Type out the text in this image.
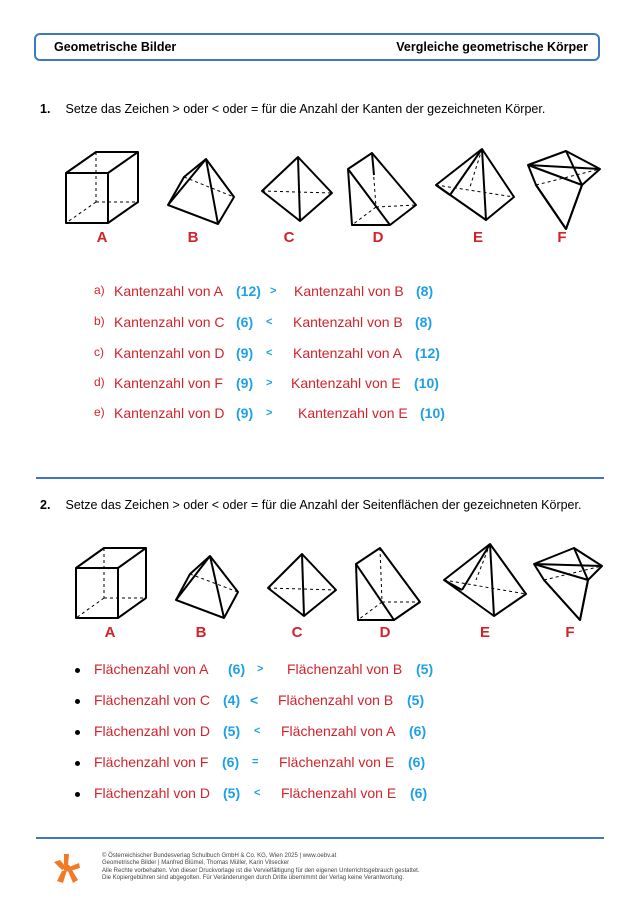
Geometrische Bilder	Vergleiche geometrische Körper
1. Setze das Zeichen > oder < oder = für die Anzahl der Kanten der gezeichneten Körper.
A	B	C	D	E	F
a) Kantenzahl von A (12) > Kantenzahl von B (8)
b) Kantenzahl von C (6) < Kantenzahl von B (8)
c) Kantenzahl von D (9) < Kantenzahl von A (12)
d) Kantenzahl von F (9) > Kantenzahl von E (10)
e) Kantenzahl von D (9) > Kantenzahl von E (10)
2. Setze das Zeichen > oder < oder = für die Anzahl der Seitenflächen der gezeichneten Körper.
A	B	C	D	E	F
Flächenzahl von A (6) > Flächenzahl von B (5)
Flächenzahl von C (4) < Flächenzahl von B (5)
Flächenzahl von D (5) < Flächenzahl von A (6)
Flächenzahl von F (6) = Flächenzahl von E (6)
Flächenzahl von D (5) < Flächenzahl von E (6)
© Österreichischer Bundesverlag Schulbuch GmbH & Co. KG, Wien 2025 | www.oebv.at
Geometrische Bilder | Manfred Blümel, Thomas Müller, Karin Vilsecker
Alle Rechte vorbehalten. Von dieser Druckvorlage ist die Vervielfältigung für den eigenen Unterrichtsgebrauch gestattet.
Die Kopiergebühren sind abgegolten. Für Veränderungen durch Dritte übernimmt der Verlag keine Verantwortung.
